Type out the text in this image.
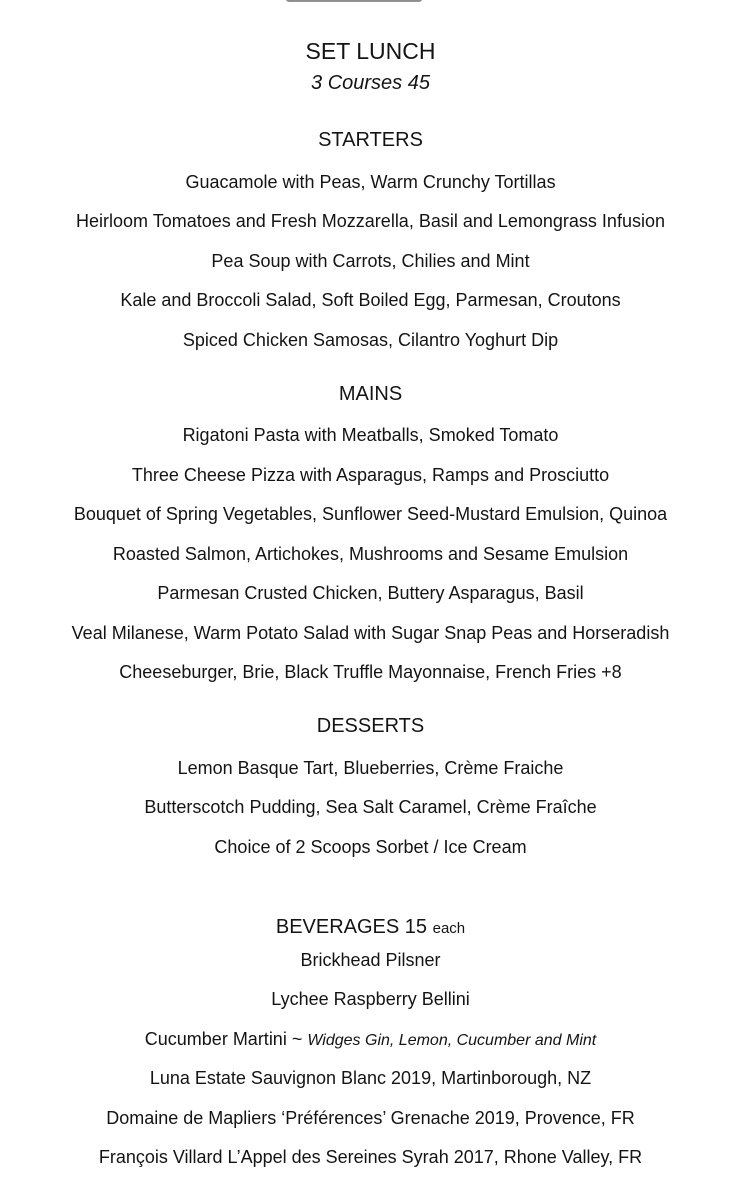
SET LUNCH
3 Courses 45
STARTERS
Guacamole with Peas, Warm Crunchy Tortillas
Heirloom Tomatoes and Fresh Mozzarella, Basil and Lemongrass Infusion
Pea Soup with Carrots, Chilies and Mint
Kale and Broccoli Salad, Soft Boiled Egg, Parmesan, Croutons
Spiced Chicken Samosas, Cilantro Yoghurt Dip
MAINS
Rigatoni Pasta with Meatballs, Smoked Tomato
Three Cheese Pizza with Asparagus, Ramps and Prosciutto
Bouquet of Spring Vegetables, Sunflower Seed-Mustard Emulsion, Quinoa
Roasted Salmon, Artichokes, Mushrooms and Sesame Emulsion
Parmesan Crusted Chicken, Buttery Asparagus, Basil
Veal Milanese, Warm Potato Salad with Sugar Snap Peas and Horseradish
Cheeseburger, Brie, Black Truffle Mayonnaise, French Fries +8
DESSERTS
Lemon Basque Tart, Blueberries, Crème Fraiche
Butterscotch Pudding, Sea Salt Caramel, Crème Fraîche
Choice of 2 Scoops Sorbet / Ice Cream
BEVERAGES 15 each
Brickhead Pilsner
Lychee Raspberry Bellini
Cucumber Martini ~ Widges Gin, Lemon, Cucumber and Mint
Luna Estate Sauvignon Blanc 2019, Martinborough, NZ
Domaine de Mapliers ‘Préférences’ Grenache 2019, Provence, FR
François Villard L’Appel des Sereines Syrah 2017, Rhone Valley, FR
